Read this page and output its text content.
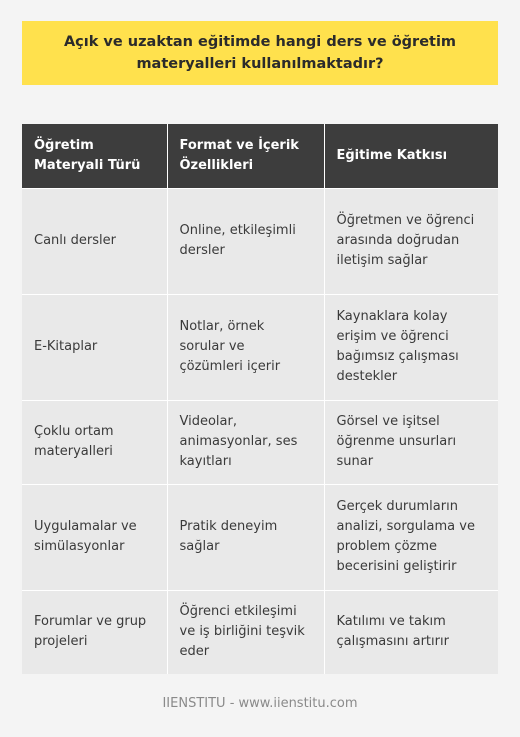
Açık ve uzaktan eğitimde hangi ders ve öğretim materyalleri kullanılmaktadır?
Öğretim Materyali Türü	Format ve İçerik Özellikleri	Eğitime Katkısı
Canlı dersler	Online, etkileşimli dersler	Öğretmen ve öğrenci arasında doğrudan iletişim sağlar
E-Kitaplar	Notlar, örnek sorular ve çözümleri içerir	Kaynaklara kolay erişim ve öğrenci bağımsız çalışması destekler
Çoklu ortam materyalleri	Videolar, animasyonlar, ses kayıtları	Görsel ve işitsel öğrenme unsurları sunar
Uygulamalar ve simülasyonlar	Pratik deneyim sağlar	Gerçek durumların analizi, sorgulama ve problem çözme becerisini geliştirir
Forumlar ve grup projeleri	Öğrenci etkileşimi ve iş birliğini teşvik eder	Katılımı ve takım çalışmasını artırır
IIENSTITU - www.iienstitu.com
